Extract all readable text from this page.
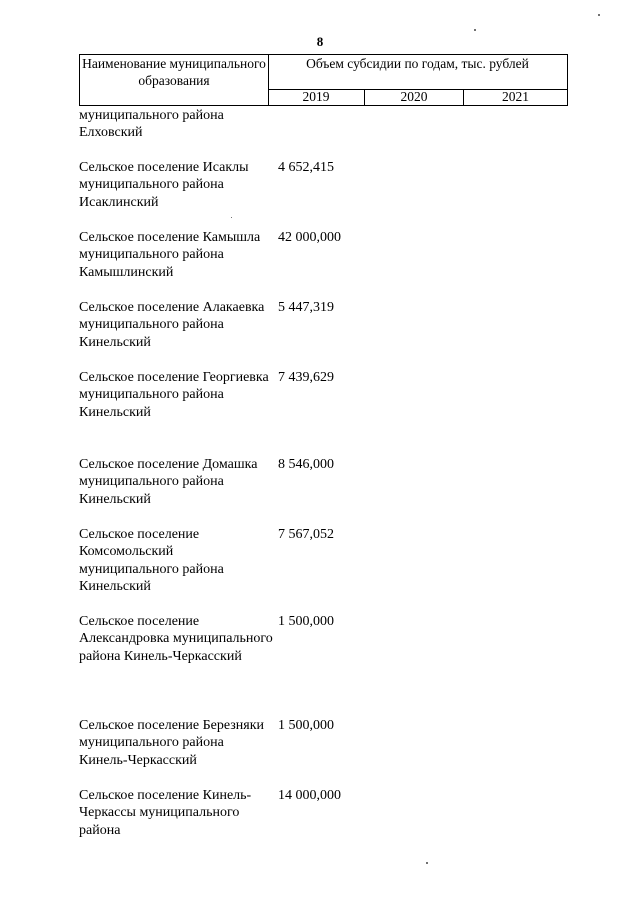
8
Наименование муниципального образования
Объем субсидии по годам, тыс. рублей
2019	2020	2021
муниципального района Елховский
Сельское поселение Исаклы муниципального района Исаклинский
4 652,415
Сельское поселение Камышла муниципального района Камышлинский
42 000,000
Сельское поселение Алакаевка муниципального района Кинельский
5 447,319
Сельское поселение Георгиевка муниципального района Кинельский
7 439,629
Сельское поселение Домашка муниципального района Кинельский
8 546,000
Сельское поселение Комсомольский муниципального района Кинельский
7 567,052
Сельское поселение Александровка муниципального района Кинель-Черкасский
1 500,000
Сельское поселение Березняки муниципального района Кинель-Черкасский
1 500,000
Сельское поселение Кинель-Черкассы муниципального района
14 000,000
